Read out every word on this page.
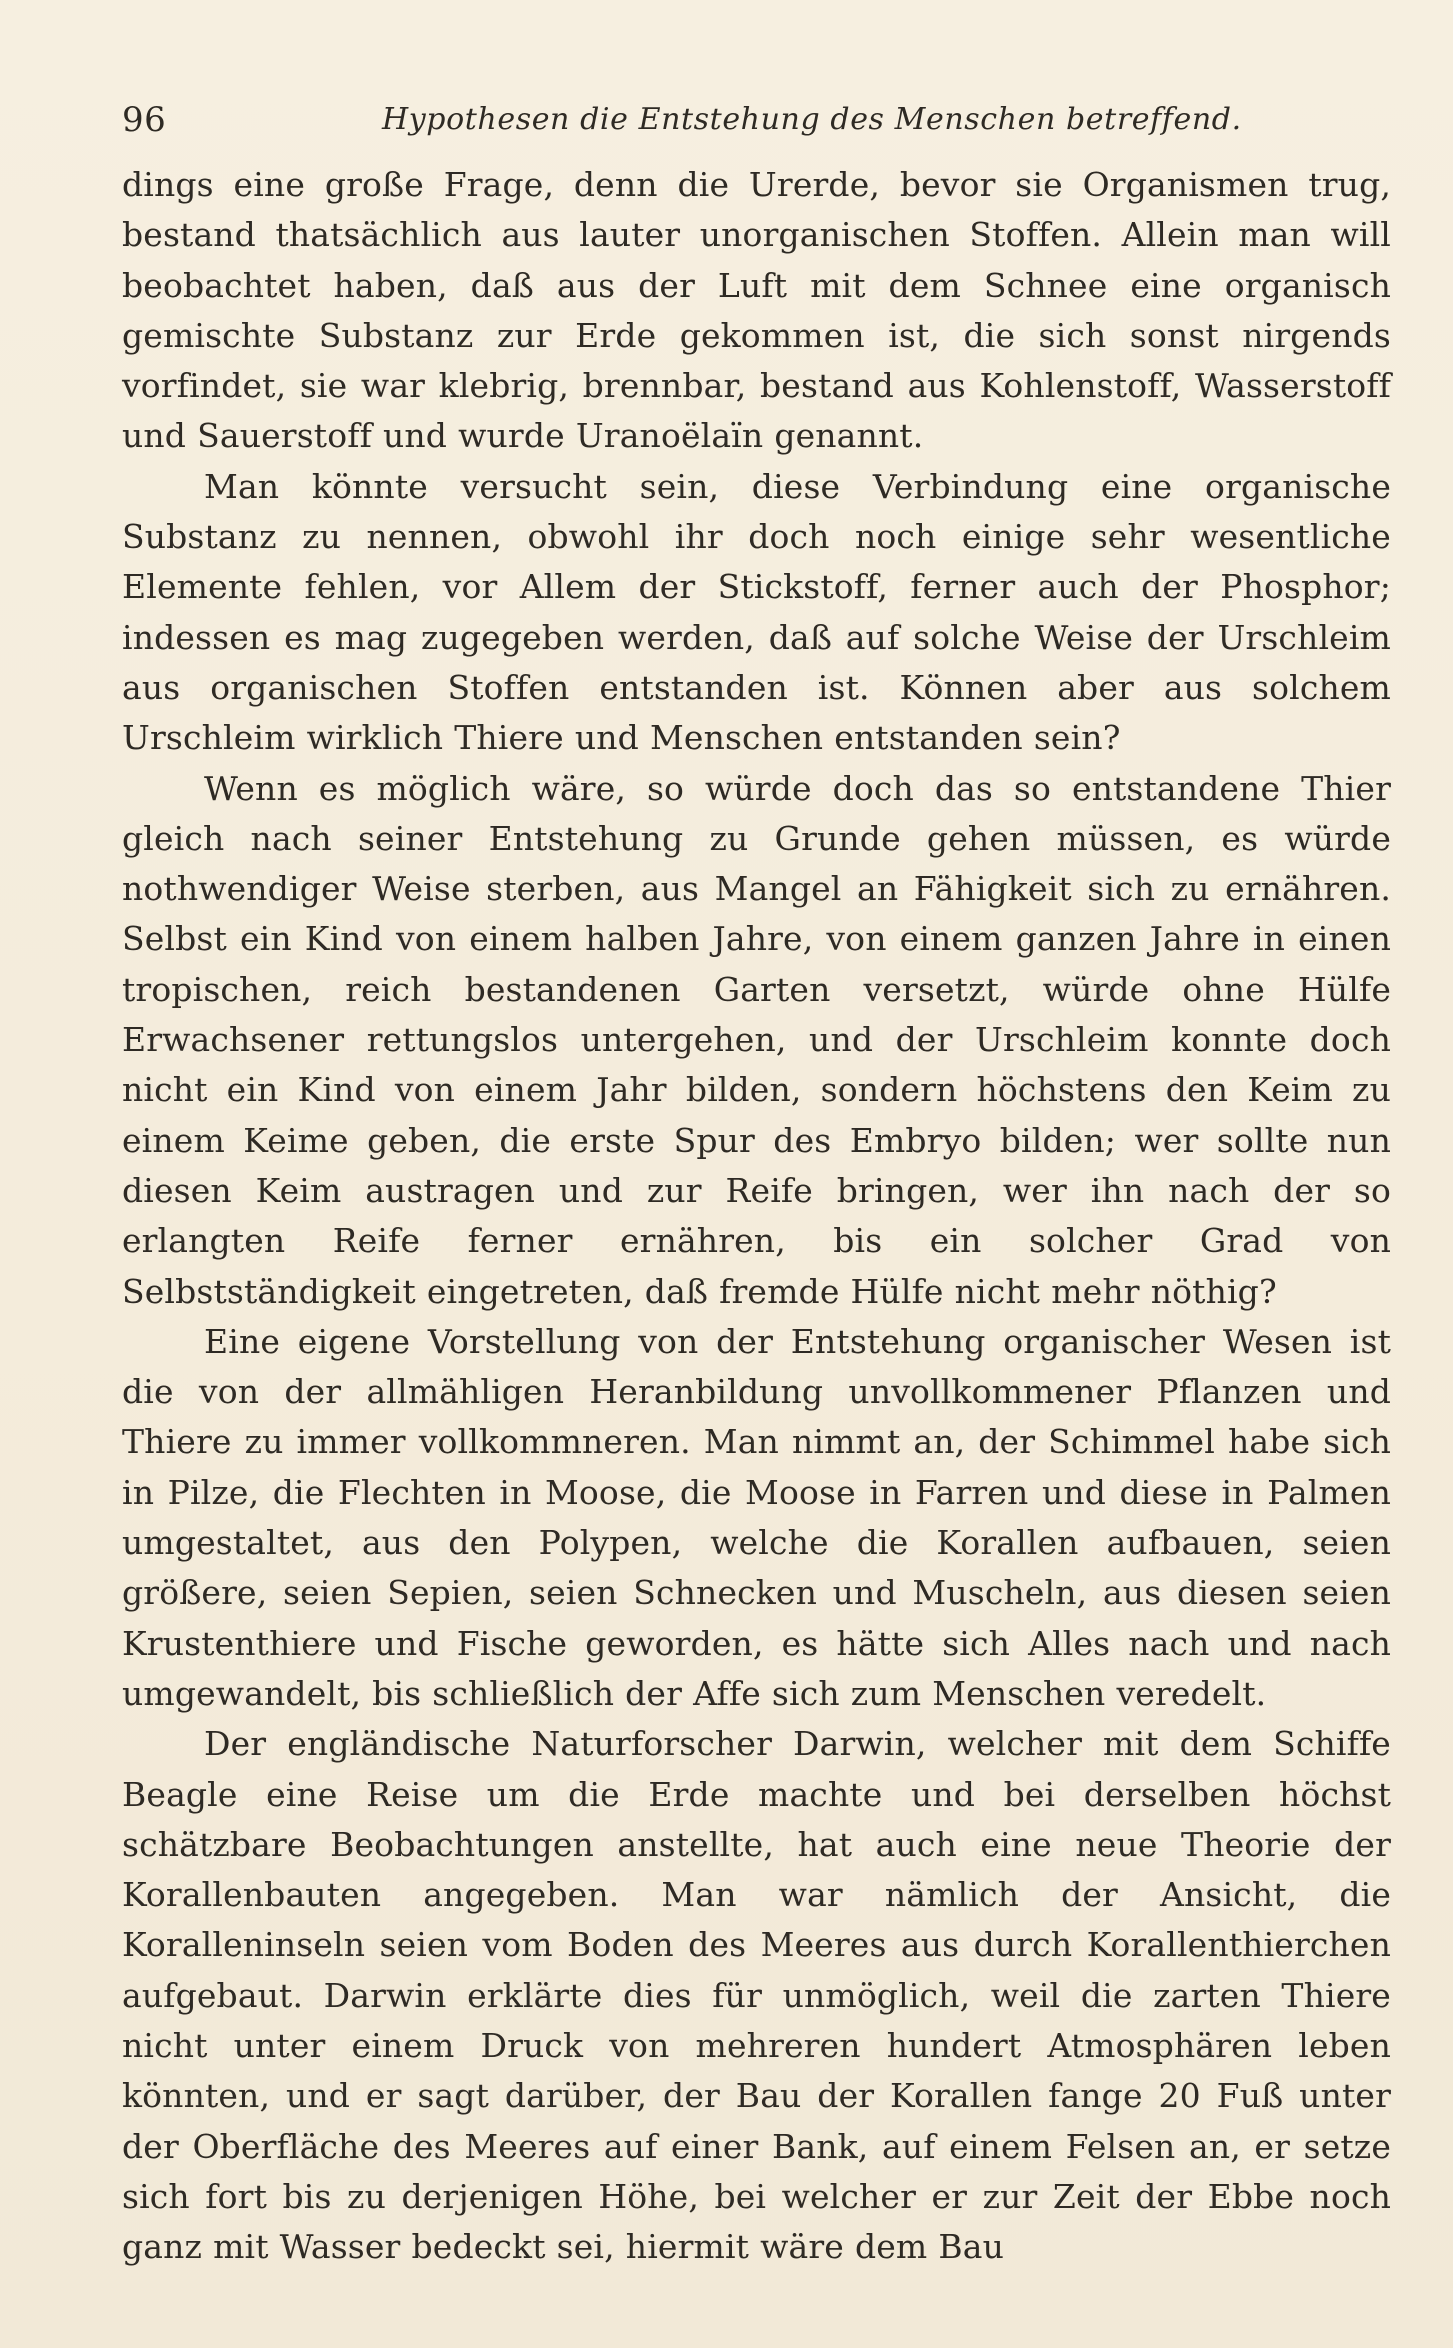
96	Hypothesen die Entstehung des Menschen betreffend.

dings eine große Frage, denn die Urerde, bevor sie Organismen trug, bestand thatsächlich aus lauter unorganischen Stoffen. Allein man will beobachtet haben, daß aus der Luft mit dem Schnee eine organisch gemischte Substanz zur Erde gekommen ist, die sich sonst nirgends vorfindet, sie war klebrig, brennbar, bestand aus Kohlenstoff, Wasserstoff und Sauerstoff und wurde Uranoëlaïn genannt.

Man könnte versucht sein, diese Verbindung eine organische Substanz zu nennen, obwohl ihr doch noch einige sehr wesentliche Elemente fehlen, vor Allem der Stickstoff, ferner auch der Phosphor; indessen es mag zugegeben werden, daß auf solche Weise der Urschleim aus organischen Stoffen entstanden ist. Können aber aus solchem Urschleim wirklich Thiere und Menschen entstanden sein?

Wenn es möglich wäre, so würde doch das so entstandene Thier gleich nach seiner Entstehung zu Grunde gehen müssen, es würde nothwendiger Weise sterben, aus Mangel an Fähigkeit sich zu ernähren. Selbst ein Kind von einem halben Jahre, von einem ganzen Jahre in einen tropischen, reich bestandenen Garten versetzt, würde ohne Hülfe Erwachsener rettungslos untergehen, und der Urschleim konnte doch nicht ein Kind von einem Jahr bilden, sondern höchstens den Keim zu einem Keime geben, die erste Spur des Embryo bilden; wer sollte nun diesen Keim austragen und zur Reife bringen, wer ihn nach der so erlangten Reife ferner ernähren, bis ein solcher Grad von Selbstständigkeit eingetreten, daß fremde Hülfe nicht mehr nöthig?

Eine eigene Vorstellung von der Entstehung organischer Wesen ist die von der allmähligen Heranbildung unvollkommener Pflanzen und Thiere zu immer vollkommneren. Man nimmt an, der Schimmel habe sich in Pilze, die Flechten in Moose, die Moose in Farren und diese in Palmen umgestaltet, aus den Polypen, welche die Korallen aufbauen, seien größere, seien Sepien, seien Schnecken und Muscheln, aus diesen seien Krustenthiere und Fische geworden, es hätte sich Alles nach und nach umgewandelt, bis schließlich der Affe sich zum Menschen veredelt.

Der engländische Naturforscher Darwin, welcher mit dem Schiffe Beagle eine Reise um die Erde machte und bei derselben höchst schätzbare Beobachtungen anstellte, hat auch eine neue Theorie der Korallenbauten angegeben. Man war nämlich der Ansicht, die Koralleninseln seien vom Boden des Meeres aus durch Korallenthierchen aufgebaut. Darwin erklärte dies für unmöglich, weil die zarten Thiere nicht unter einem Druck von mehreren hundert Atmosphären leben könnten, und er sagt darüber, der Bau der Korallen fange 20 Fuß unter der Oberfläche des Meeres auf einer Bank, auf einem Felsen an, er setze sich fort bis zu derjenigen Höhe, bei welcher er zur Zeit der Ebbe noch ganz mit Wasser bedeckt sei, hiermit wäre dem Bau
